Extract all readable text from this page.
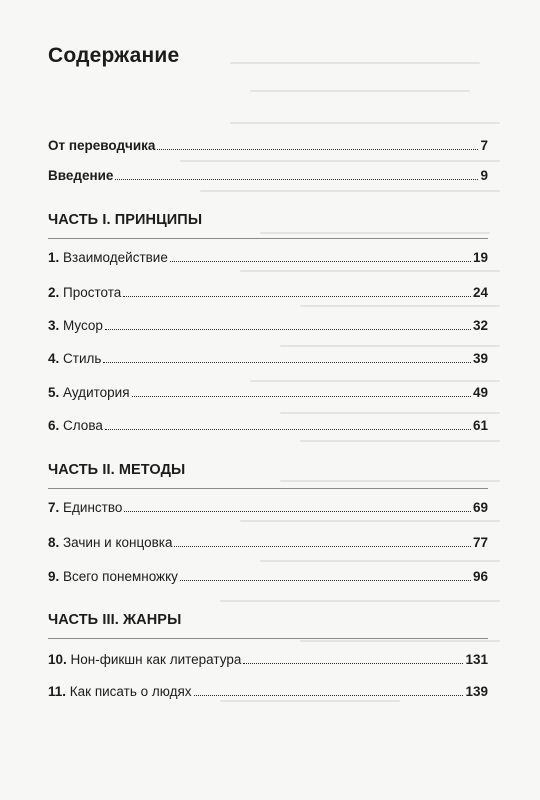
Содержание
От переводчика	7
Введение	9
ЧАСТЬ I. ПРИНЦИПЫ
1. Взаимодействие	19
2. Простота	24
3. Мусор	32
4. Стиль	39
5. Аудитория	49
6. Слова	61
ЧАСТЬ II. МЕТОДЫ
7. Единство	69
8. Зачин и концовка	77
9. Всего понемножку	96
ЧАСТЬ III. ЖАНРЫ
10. Нон-фикшн как литература	131
11. Как писать о людях	139
